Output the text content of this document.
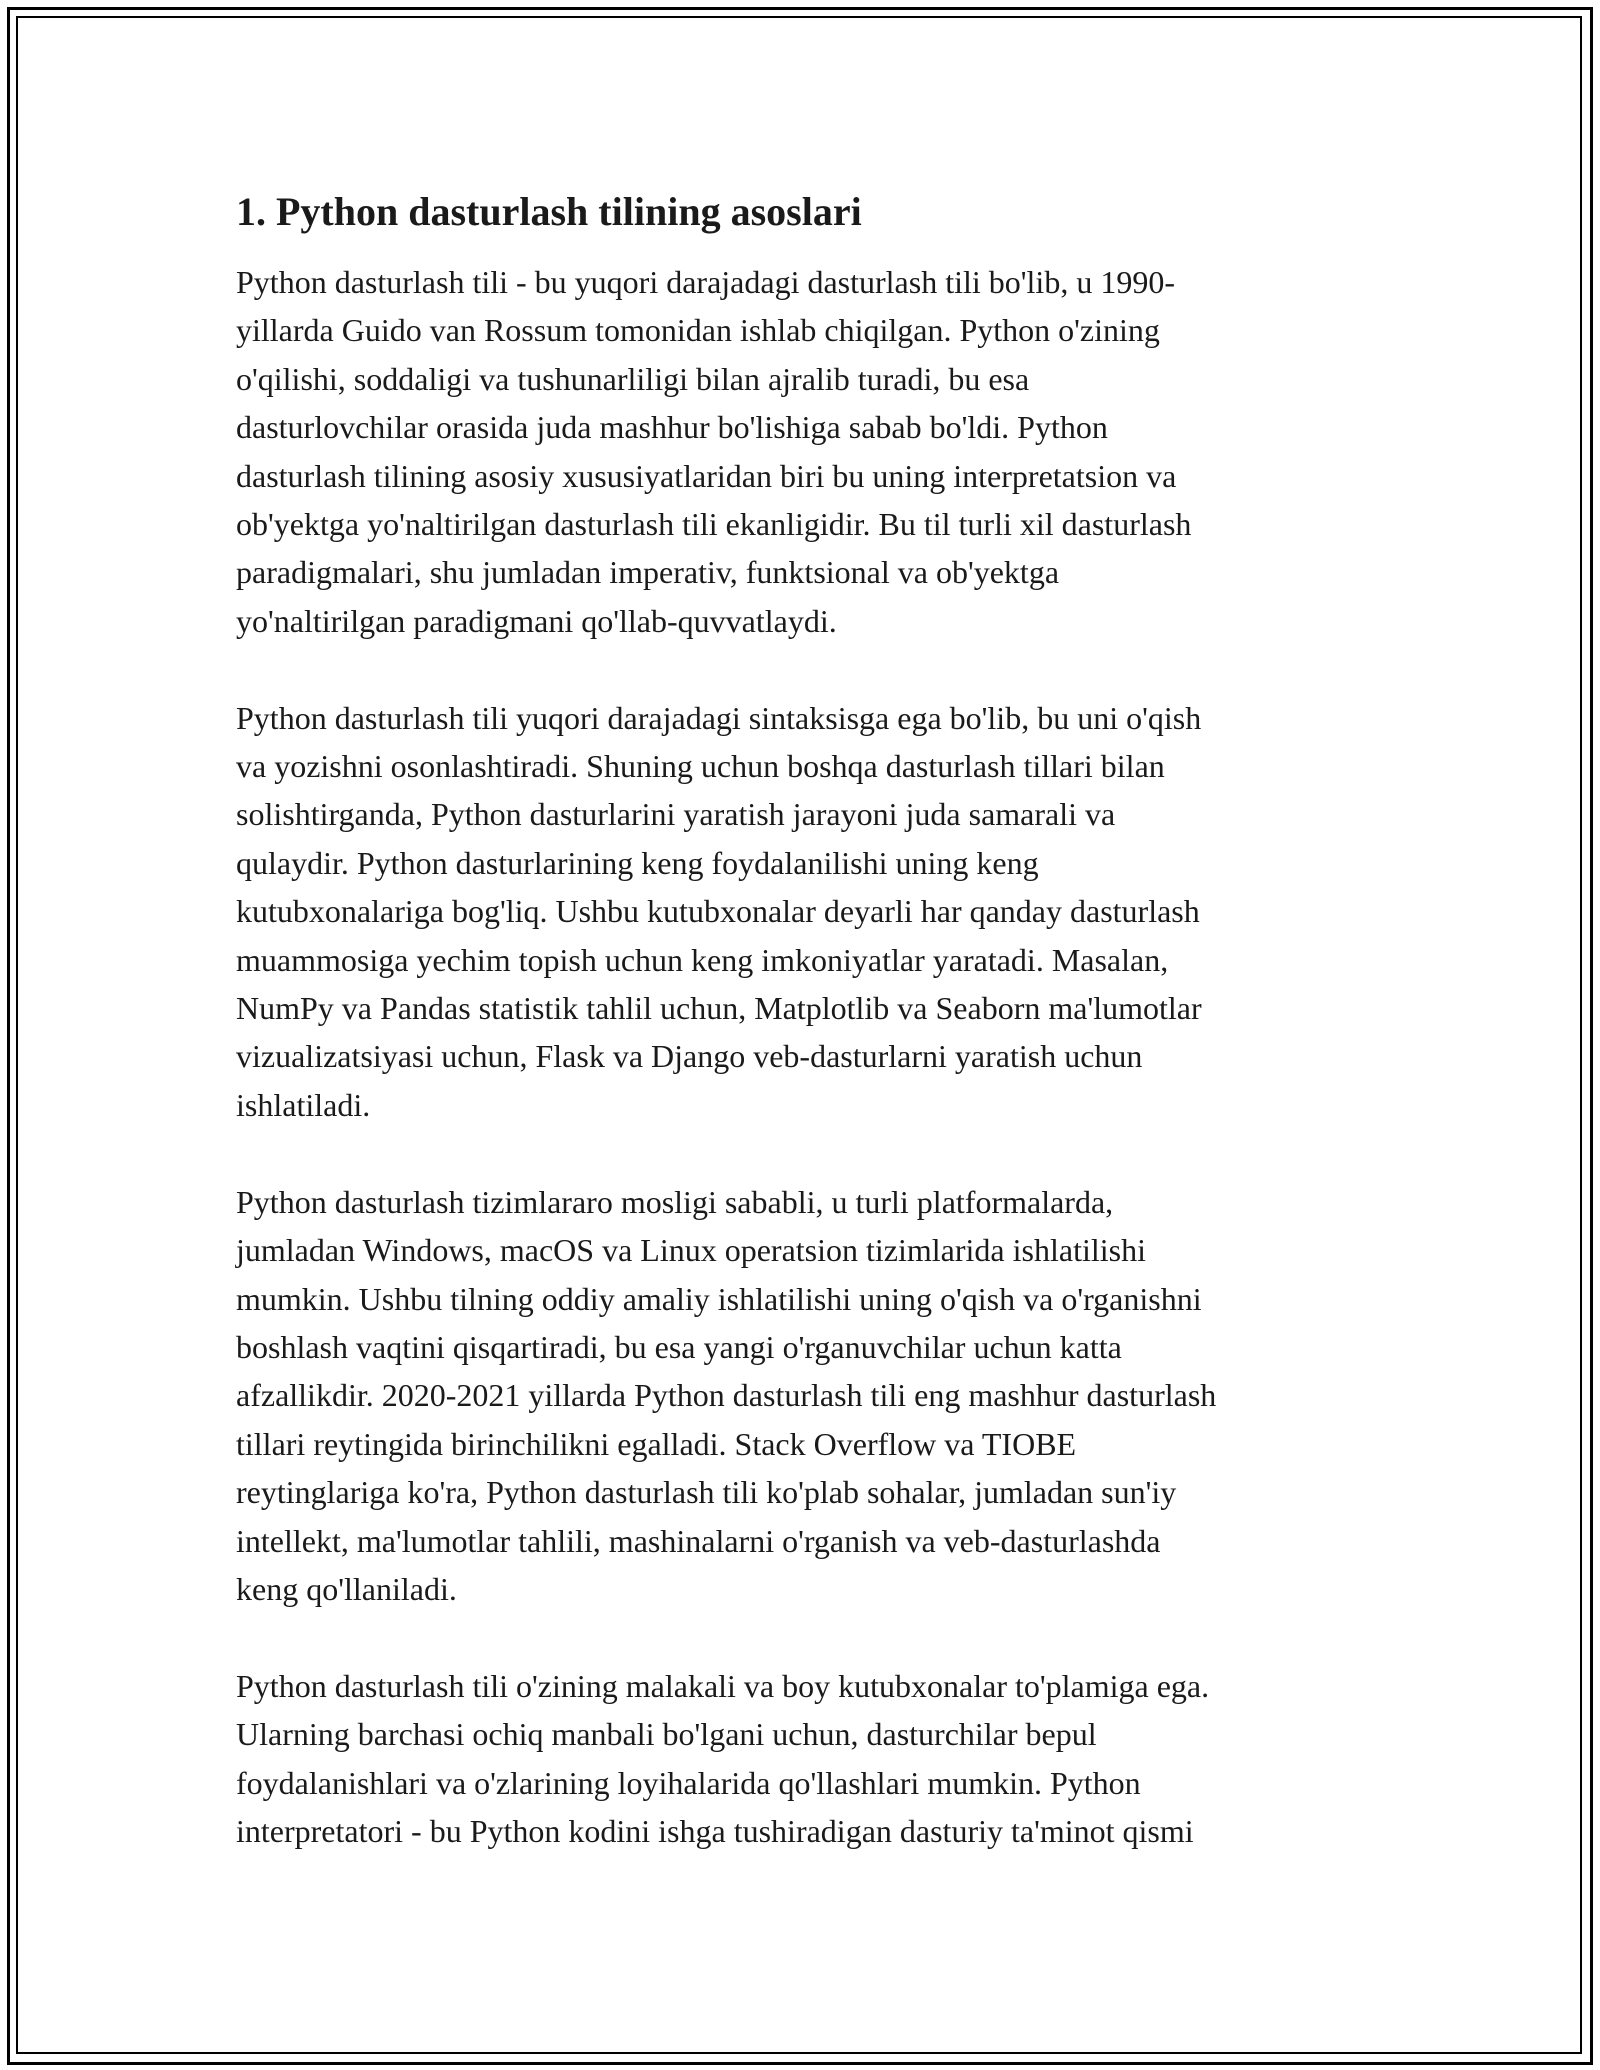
1. Python dasturlash tilining asoslari

Python dasturlash tili - bu yuqori darajadagi dasturlash tili bo'lib, u 1990-
yillarda Guido van Rossum tomonidan ishlab chiqilgan. Python o'zining
o'qilishi, soddaligi va tushunarliligi bilan ajralib turadi, bu esa
dasturlovchilar orasida juda mashhur bo'lishiga sabab bo'ldi. Python
dasturlash tilining asosiy xususiyatlaridan biri bu uning interpretatsion va
ob'yektga yo'naltirilgan dasturlash tili ekanligidir. Bu til turli xil dasturlash
paradigmalari, shu jumladan imperativ, funktsional va ob'yektga
yo'naltirilgan paradigmani qo'llab-quvvatlaydi.

Python dasturlash tili yuqori darajadagi sintaksisga ega bo'lib, bu uni o'qish
va yozishni osonlashtiradi. Shuning uchun boshqa dasturlash tillari bilan
solishtirganda, Python dasturlarini yaratish jarayoni juda samarali va
qulaydir. Python dasturlarining keng foydalanilishi uning keng
kutubxonalariga bog'liq. Ushbu kutubxonalar deyarli har qanday dasturlash
muammosiga yechim topish uchun keng imkoniyatlar yaratadi. Masalan,
NumPy va Pandas statistik tahlil uchun, Matplotlib va Seaborn ma'lumotlar
vizualizatsiyasi uchun, Flask va Django veb-dasturlarni yaratish uchun
ishlatiladi.

Python dasturlash tizimlararo mosligi sababli, u turli platformalarda,
jumladan Windows, macOS va Linux operatsion tizimlarida ishlatilishi
mumkin. Ushbu tilning oddiy amaliy ishlatilishi uning o'qish va o'rganishni
boshlash vaqtini qisqartiradi, bu esa yangi o'rganuvchilar uchun katta
afzallikdir. 2020-2021 yillarda Python dasturlash tili eng mashhur dasturlash
tillari reytingida birinchilikni egalladi. Stack Overflow va TIOBE
reytinglariga ko'ra, Python dasturlash tili ko'plab sohalar, jumladan sun'iy
intellekt, ma'lumotlar tahlili, mashinalarni o'rganish va veb-dasturlashda
keng qo'llaniladi.

Python dasturlash tili o'zining malakali va boy kutubxonalar to'plamiga ega.
Ularning barchasi ochiq manbali bo'lgani uchun, dasturchilar bepul
foydalanishlari va o'zlarining loyihalarida qo'llashlari mumkin. Python
interpretatori - bu Python kodini ishga tushiradigan dasturiy ta'minot qismi
